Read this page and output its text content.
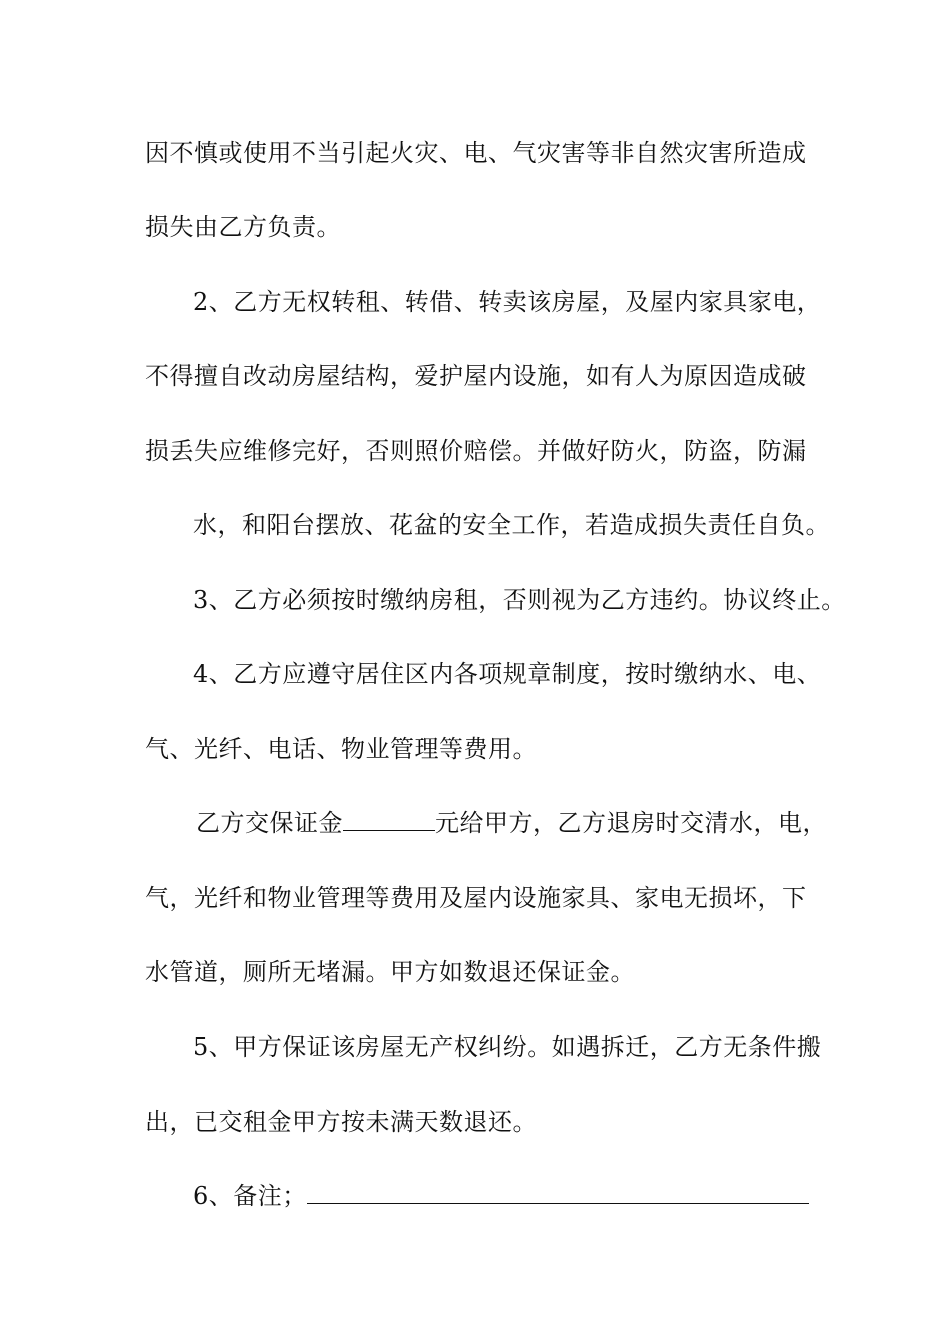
因不慎或使用不当引起火灾、电、气灾害等非自然灾害所造成
损失由乙方负责。
2、乙方无权转租、转借、转卖该房屋，及屋内家具家电，
不得擅自改动房屋结构，爱护屋内设施，如有人为原因造成破
损丢失应维修完好，否则照价赔偿。并做好防火，防盗，防漏
水，和阳台摆放、花盆的安全工作，若造成损失责任自负。
3、乙方必须按时缴纳房租，否则视为乙方违约。协议终止。
4、乙方应遵守居住区内各项规章制度，按时缴纳水、电、
气、光纤、电话、物业管理等费用。
乙方交保证金	元给甲方，乙方退房时交清水，电，
气，光纤和物业管理等费用及屋内设施家具、家电无损坏，下
水管道，厕所无堵漏。甲方如数退还保证金。
5、甲方保证该房屋无产权纠纷。如遇拆迁，乙方无条件搬
出，已交租金甲方按未满天数退还。
6、备注；
